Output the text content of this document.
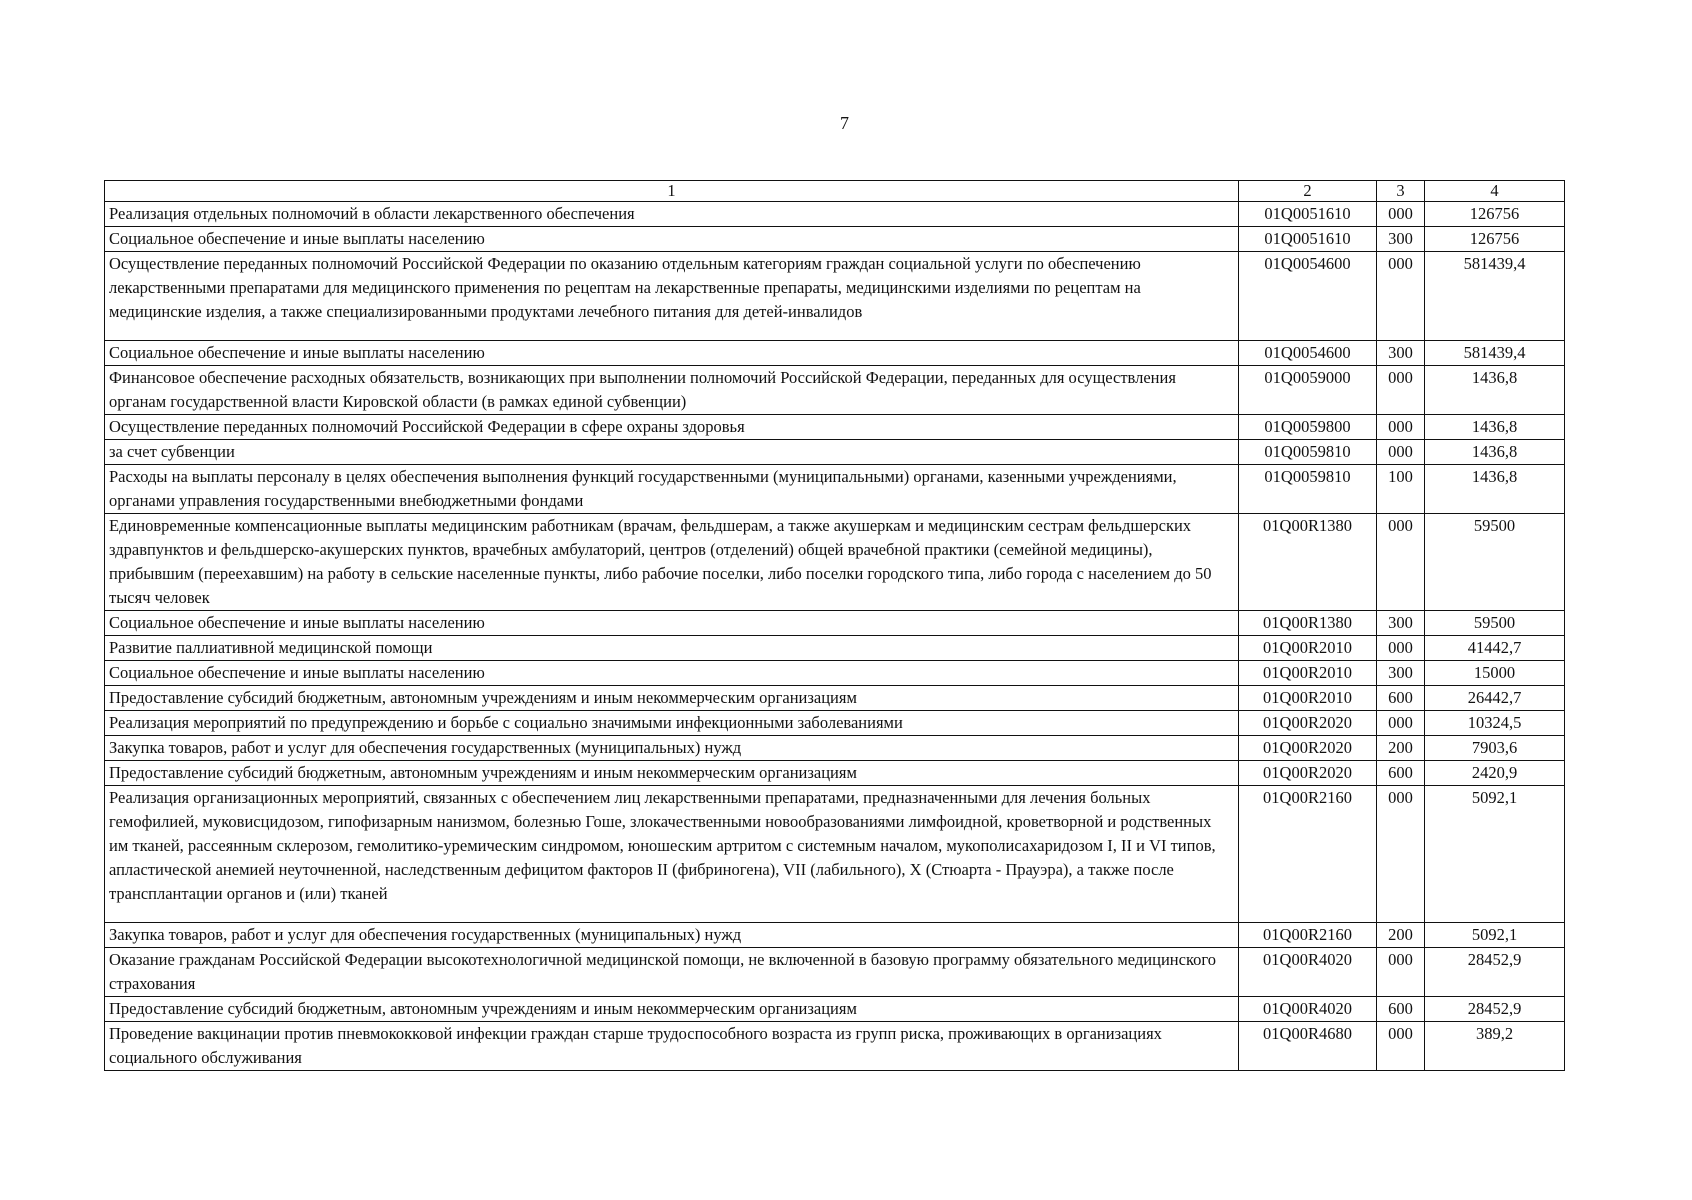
7
1	2	3	4
Реализация отдельных полномочий в области лекарственного обеспечения	01Q0051610	000	126756
Социальное обеспечение и иные выплаты населению	01Q0051610	300	126756
Осуществление переданных полномочий Российской Федерации по оказанию отдельным категориям граждан социальной услуги по обеспечению лекарственными препаратами для медицинского применения по рецептам на лекарственные препараты, медицинскими изделиями по рецептам на медицинские изделия, а также специализированными продуктами лечебного питания для детей-инвалидов	01Q0054600	000	581439,4
Социальное обеспечение и иные выплаты населению	01Q0054600	300	581439,4
Финансовое обеспечение расходных обязательств, возникающих при выполнении полномочий Российской Федерации, переданных для осуществления органам государственной власти Кировской области (в рамках единой субвенции)	01Q0059000	000	1436,8
Осуществление переданных полномочий Российской Федерации в сфере охраны здоровья	01Q0059800	000	1436,8
за счет субвенции	01Q0059810	000	1436,8
Расходы на выплаты персоналу в целях обеспечения выполнения функций государственными (муниципальными) органами, казенными учреждениями, органами управления государственными внебюджетными фондами	01Q0059810	100	1436,8
Единовременные компенсационные выплаты медицинским работникам (врачам, фельдшерам, а также акушеркам и медицинским сестрам фельдшерских здравпунктов и фельдшерско-акушерских пунктов, врачебных амбулаторий, центров (отделений) общей врачебной практики (семейной медицины), прибывшим (переехавшим) на работу в сельские населенные пункты, либо рабочие поселки, либо поселки городского типа, либо города с населением до 50 тысяч человек	01Q00R1380	000	59500
Социальное обеспечение и иные выплаты населению	01Q00R1380	300	59500
Развитие паллиативной медицинской помощи	01Q00R2010	000	41442,7
Социальное обеспечение и иные выплаты населению	01Q00R2010	300	15000
Предоставление субсидий бюджетным, автономным учреждениям и иным некоммерческим организациям	01Q00R2010	600	26442,7
Реализация мероприятий по предупреждению и борьбе с социально значимыми инфекционными заболеваниями	01Q00R2020	000	10324,5
Закупка товаров, работ и услуг для обеспечения государственных (муниципальных) нужд	01Q00R2020	200	7903,6
Предоставление субсидий бюджетным, автономным учреждениям и иным некоммерческим организациям	01Q00R2020	600	2420,9
Реализация организационных мероприятий, связанных с обеспечением лиц лекарственными препаратами, предназначенными для лечения больных гемофилией, муковисцидозом, гипофизарным нанизмом, болезнью Гоше, злокачественными новообразованиями лимфоидной, кроветворной и родственных им тканей, рассеянным склерозом, гемолитико-уремическим синдромом, юношеским артритом с системным началом, мукополисахаридозом I, II и VI типов, апластической анемией неуточненной, наследственным дефицитом факторов II (фибриногена), VII (лабильного), X (Стюарта - Прауэра), а также после трансплантации органов и (или) тканей	01Q00R2160	000	5092,1
Закупка товаров, работ и услуг для обеспечения государственных (муниципальных) нужд	01Q00R2160	200	5092,1
Оказание гражданам Российской Федерации высокотехнологичной медицинской помощи, не включенной в базовую программу обязательного медицинского страхования	01Q00R4020	000	28452,9
Предоставление субсидий бюджетным, автономным учреждениям и иным некоммерческим организациям	01Q00R4020	600	28452,9
Проведение вакцинации против пневмококковой инфекции граждан старше трудоспособного возраста из групп риска, проживающих в организациях социального обслуживания	01Q00R4680	000	389,2
